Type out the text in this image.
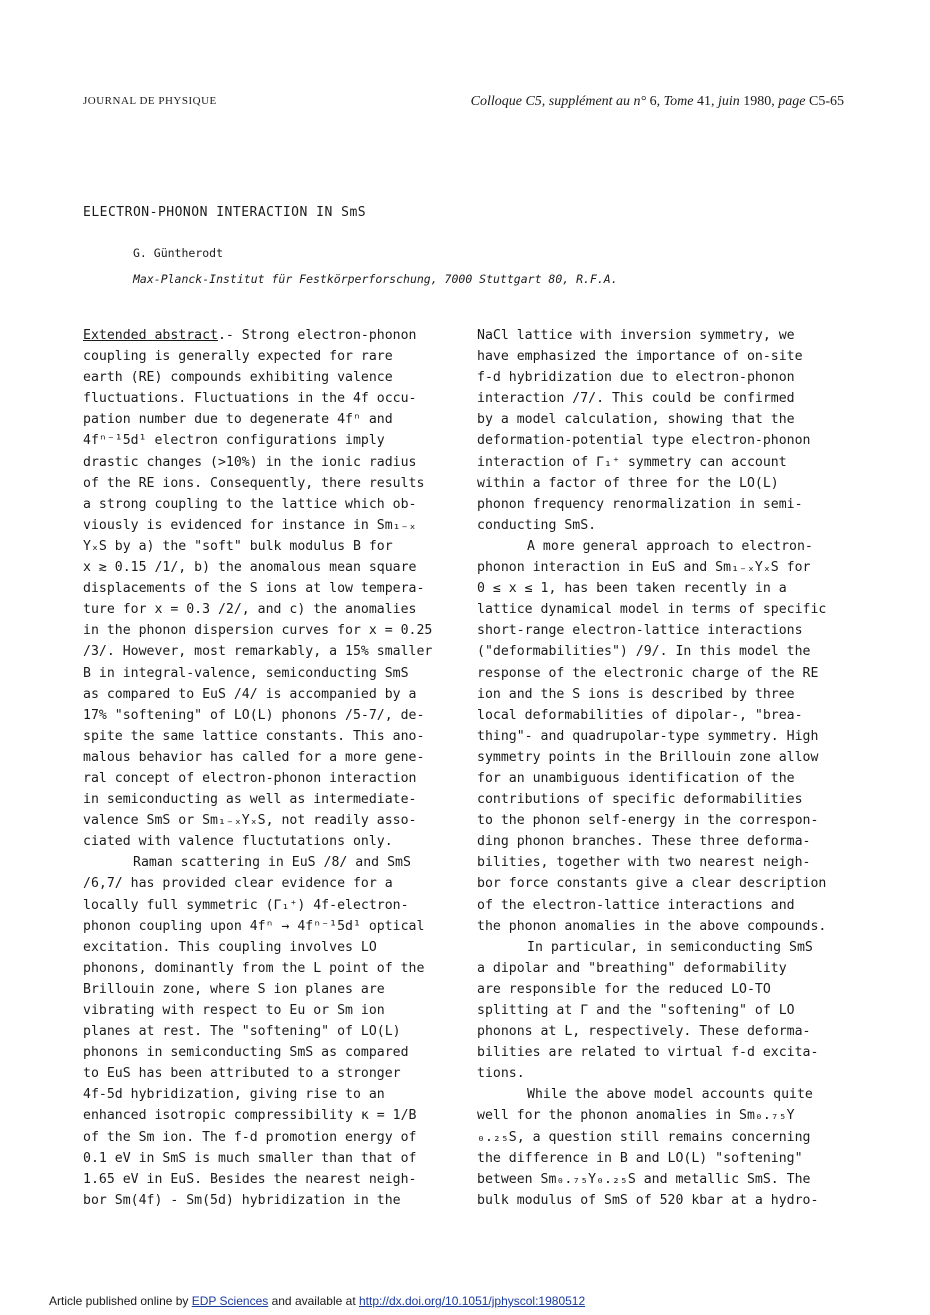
JOURNAL DE PHYSIQUE	Colloque C5, supplément au n° 6, Tome 41, juin 1980, page C5-65
ELECTRON-PHONON INTERACTION IN SmS
G. Güntherodt
Max-Planck-Institut für Festkörperforschung, 7000 Stuttgart 80, R.F.A.
Extended abstract.- Strong electron-phonon
coupling is generally expected for rare
earth (RE) compounds exhibiting valence
fluctuations. Fluctuations in the 4f occu-
pation number due to degenerate 4fⁿ and
4fⁿ⁻¹5d¹ electron configurations imply
drastic changes (>10%) in the ionic radius
of the RE ions. Consequently, there results
a strong coupling to the lattice which ob-
viously is evidenced for instance in Sm₁₋ₓ
YₓS by a) the "soft" bulk modulus B for
x ≳ 0.15 /1/, b) the anomalous mean square
displacements of the S ions at low tempera-
ture for x = 0.3 /2/, and c) the anomalies
in the phonon dispersion curves for x = 0.25
/3/. However, most remarkably, a 15% smaller
B in integral-valence, semiconducting SmS
as compared to EuS /4/ is accompanied by a
17% "softening" of LO(L) phonons /5-7/, de-
spite the same lattice constants. This ano-
malous behavior has called for a more gene-
ral concept of electron-phonon interaction
in semiconducting as well as intermediate-
valence SmS or Sm₁₋ₓYₓS, not readily asso-
ciated with valence fluctutations only.
Raman scattering in EuS /8/ and SmS
/6,7/ has provided clear evidence for a
locally full symmetric (Γ₁⁺) 4f-electron-
phonon coupling upon 4fⁿ → 4fⁿ⁻¹5d¹ optical
excitation. This coupling involves LO
phonons, dominantly from the L point of the
Brillouin zone, where S ion planes are
vibrating with respect to Eu or Sm ion
planes at rest. The "softening" of LO(L)
phonons in semiconducting SmS as compared
to EuS has been attributed to a stronger
4f-5d hybridization, giving rise to an
enhanced isotropic compressibility κ = 1/B
of the Sm ion. The f-d promotion energy of
0.1 eV in SmS is much smaller than that of
1.65 eV in EuS. Besides the nearest neigh-
bor Sm(4f) - Sm(5d) hybridization in the
NaCl lattice with inversion symmetry, we
have emphasized the importance of on-site
f-d hybridization due to electron-phonon
interaction /7/. This could be confirmed
by a model calculation, showing that the
deformation-potential type electron-phonon
interaction of Γ₁⁺ symmetry can account
within a factor of three for the LO(L)
phonon frequency renormalization in semi-
conducting SmS.
A more general approach to electron-
phonon interaction in EuS and Sm₁₋ₓYₓS for
0 ≤ x ≤ 1, has been taken recently in a
lattice dynamical model in terms of specific
short-range electron-lattice interactions
("deformabilities") /9/. In this model the
response of the electronic charge of the RE
ion and the S ions is described by three
local deformabilities of dipolar-, "brea-
thing"- and quadrupolar-type symmetry. High
symmetry points in the Brillouin zone allow
for an unambiguous identification of the
contributions of specific deformabilities
to the phonon self-energy in the correspon-
ding phonon branches. These three deforma-
bilities, together with two nearest neigh-
bor force constants give a clear description
of the electron-lattice interactions and
the phonon anomalies in the above compounds.
In particular, in semiconducting SmS
a dipolar and "breathing" deformability
are responsible for the reduced LO-TO
splitting at Γ and the "softening" of LO
phonons at L, respectively. These deforma-
bilities are related to virtual f-d excita-
tions.
While the above model accounts quite
well for the phonon anomalies in Sm₀.₇₅Y
₀.₂₅S, a question still remains concerning
the difference in B and LO(L) "softening"
between Sm₀.₇₅Y₀.₂₅S and metallic SmS. The
bulk modulus of SmS of 520 kbar at a hydro-
Article published online by EDP Sciences and available at http://dx.doi.org/10.1051/jphyscol:1980512
